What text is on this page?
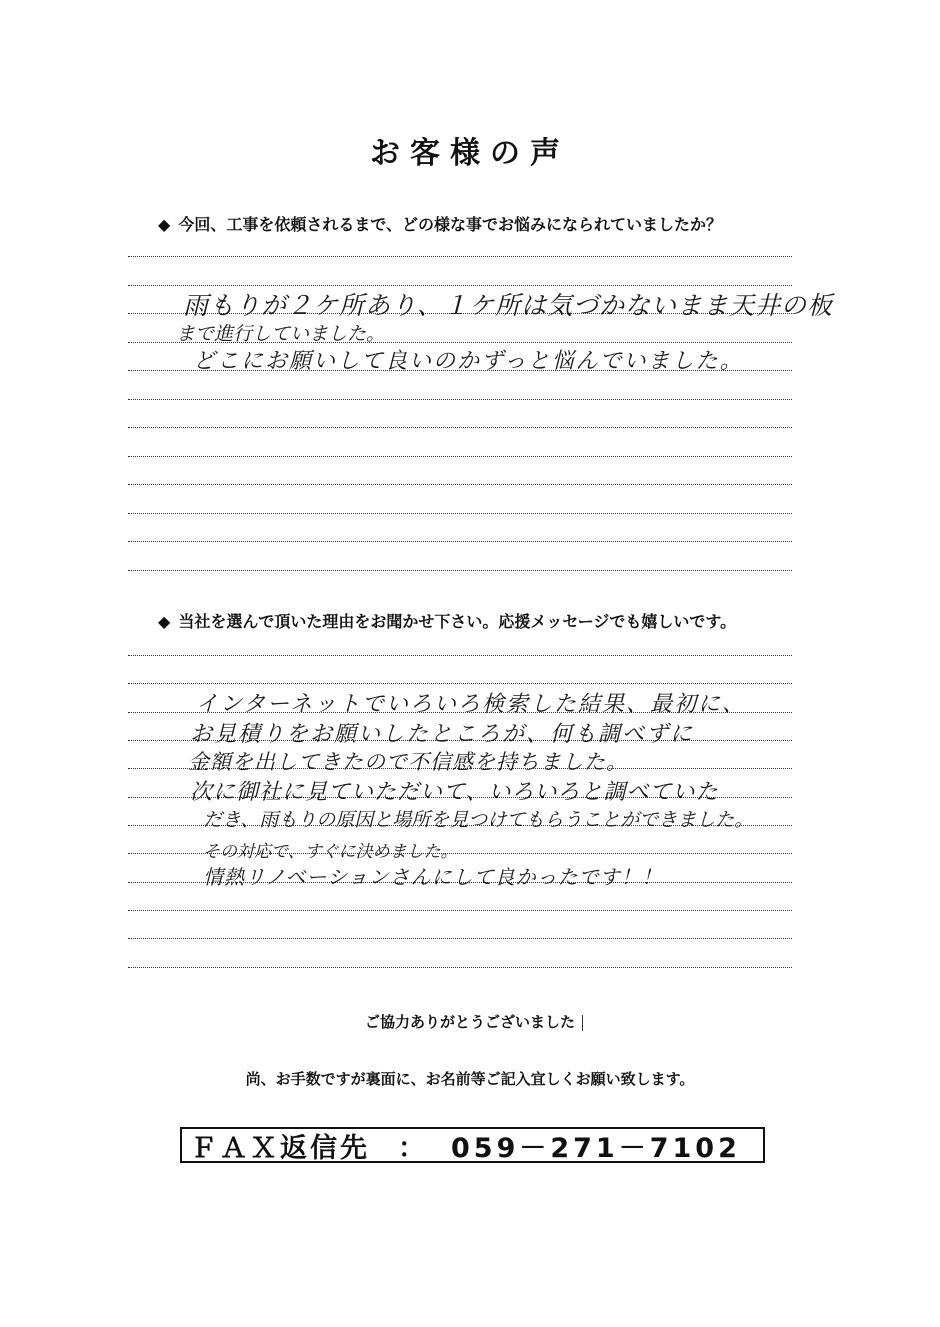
お客様の声
◆ 今回、工事を依頼されるまで、どの様な事でお悩みになられていましたか？
雨もりが２ケ所あり、１ケ所は気づかないまま天井の板
まで進行していました。
どこにお願いして良いのかずっと悩んでいました。
◆ 当社を選んで頂いた理由をお聞かせ下さい。応援メッセージでも嬉しいです。
インターネットでいろいろ検索した結果、最初に、
お見積りをお願いしたところが、何も調べずに
金額を出してきたので不信感を持ちました。
次に御社に見ていただいて、いろいろと調べていた
だき、雨もりの原因と場所を見つけてもらうことができました。
その対応で、すぐに決めました。
情熱リノベーションさんにして良かったです！！
ご協力ありがとうございました
尚、お手数ですが裏面に、お名前等ご記入宜しくお願い致します。
ＦＡＸ返信先 ： 059－271－7102
